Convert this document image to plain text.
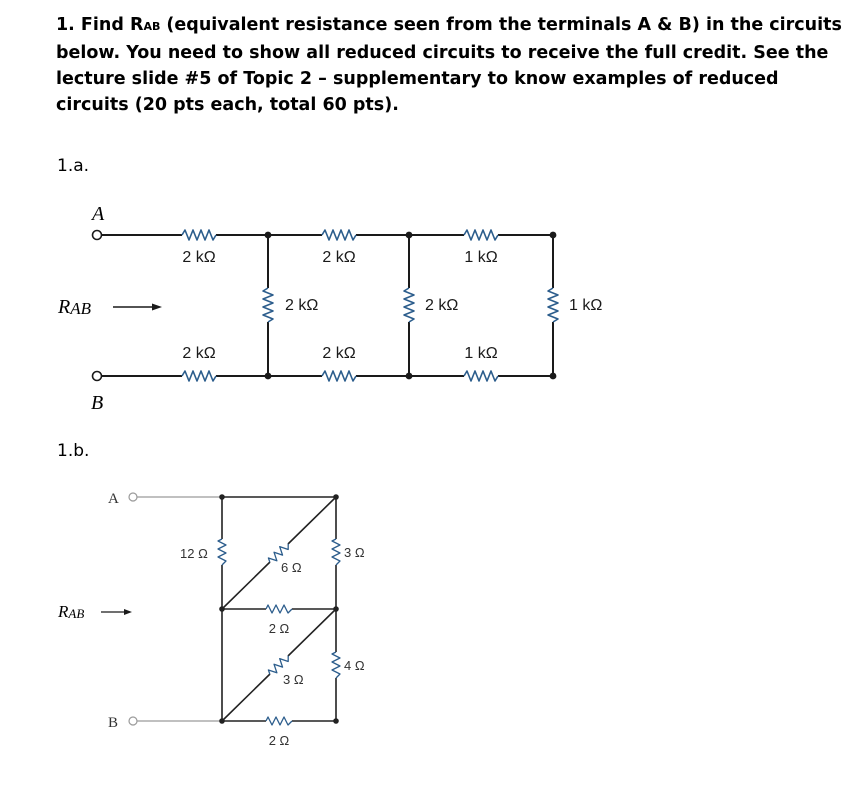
1. Find RAB (equivalent resistance seen from the terminals A & B) in the circuits below. You need to show all reduced circuits to receive the full credit. See the lecture slide #5 of Topic 2 – supplementary to know examples of reduced circuits (20 pts each, total 60 pts).

1.a.
1.b.
A
B
RAB
2 kΩ	2 kΩ	1 kΩ
2 kΩ	2 kΩ	1 kΩ
2 kΩ	2 kΩ	1 kΩ
A
B
RAB
12 Ω
6 Ω
3 Ω
2 Ω
3 Ω
4 Ω
2 Ω
